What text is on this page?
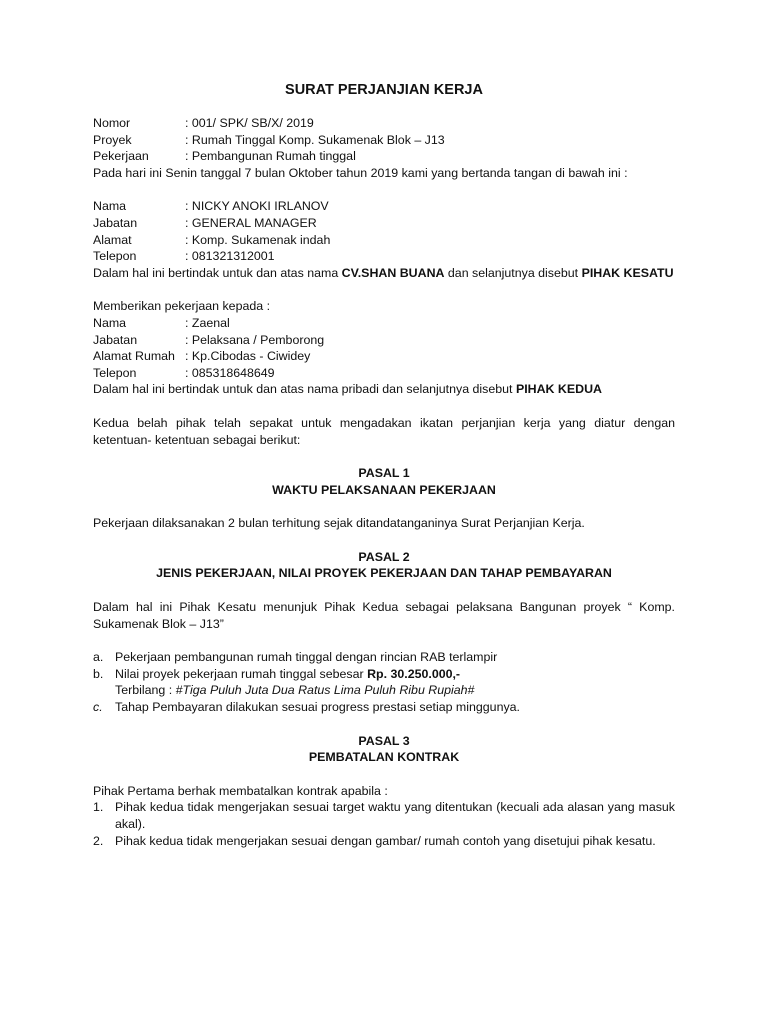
SURAT PERJANJIAN KERJA
Nomor	: 001/ SPK/ SB/X/ 2019
Proyek	: Rumah Tinggal Komp. Sukamenak Blok – J13
Pekerjaan	: Pembangunan Rumah tinggal
Pada hari ini Senin tanggal 7 bulan Oktober tahun 2019 kami yang bertanda tangan di bawah ini :
Nama	: NICKY ANOKI IRLANOV
Jabatan	: GENERAL MANAGER
Alamat	: Komp. Sukamenak indah
Telepon	: 081321312001
Dalam hal ini bertindak untuk dan atas nama CV.SHAN BUANA dan selanjutnya disebut PIHAK KESATU
Memberikan pekerjaan kepada :
Nama	: Zaenal
Jabatan	: Pelaksana / Pemborong
Alamat Rumah : Kp.Cibodas - Ciwidey
Telepon	: 085318648649
Dalam hal ini bertindak untuk dan atas nama pribadi dan selanjutnya disebut PIHAK KEDUA
Kedua belah pihak telah sepakat untuk mengadakan ikatan perjanjian kerja yang diatur dengan ketentuan- ketentuan sebagai berikut:
PASAL 1
WAKTU PELAKSANAAN PEKERJAAN
Pekerjaan dilaksanakan 2 bulan terhitung sejak ditandatanganinya Surat Perjanjian Kerja.
PASAL 2
JENIS PEKERJAAN, NILAI PROYEK PEKERJAAN DAN TAHAP PEMBAYARAN
Dalam hal ini Pihak Kesatu menunjuk Pihak Kedua sebagai pelaksana Bangunan proyek “ Komp. Sukamenak Blok – J13”
a. Pekerjaan pembangunan rumah tinggal dengan rincian RAB terlampir
b. Nilai proyek pekerjaan rumah tinggal sebesar Rp. 30.250.000,-
Terbilang : #Tiga Puluh Juta Dua Ratus Lima Puluh Ribu Rupiah#
c. Tahap Pembayaran dilakukan sesuai progress prestasi setiap minggunya.
PASAL 3
PEMBATALAN KONTRAK
Pihak Pertama berhak membatalkan kontrak apabila :
1. Pihak kedua tidak mengerjakan sesuai target waktu yang ditentukan (kecuali ada alasan yang masuk akal).
2. Pihak kedua tidak mengerjakan sesuai dengan gambar/ rumah contoh yang disetujui pihak kesatu.
